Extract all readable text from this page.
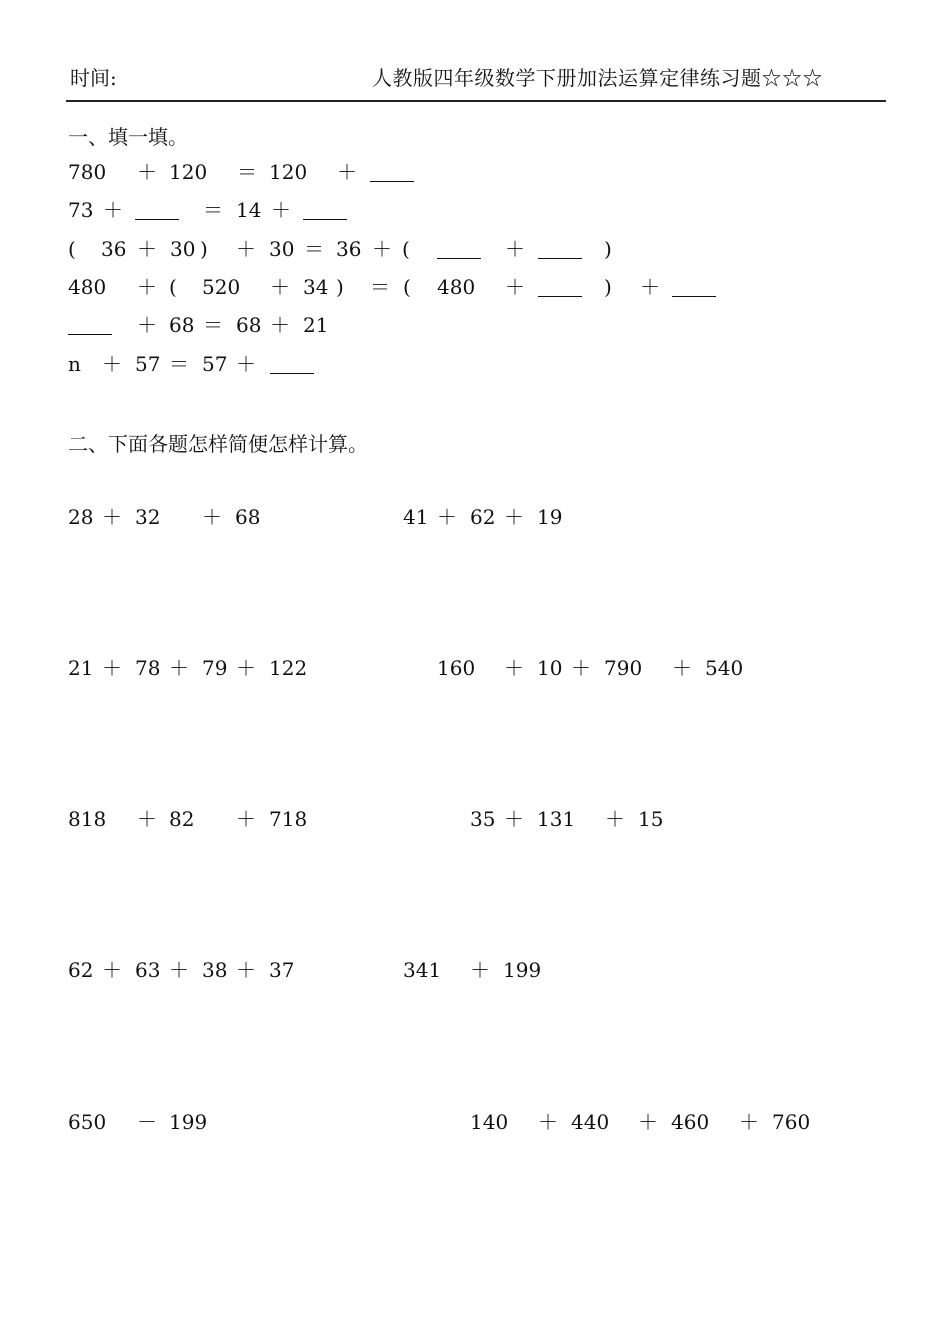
时间:	人教版四年级数学下册加法运算定律练习题☆☆☆
一、填一填。
780 ＋ 120 ＝ 120 ＋
73 ＋	＝ 14 ＋
( 36 ＋ 30 ) ＋ 30 ＝ 36 ＋ (	＋	)
480 ＋ ( 520 ＋ 34 ) ＝ ( 480 ＋	) ＋
＋ 68 ＝ 68 ＋ 21
n ＋ 57 ＝ 57 ＋
二、下面各题怎样简便怎样计算。
28 ＋ 32 ＋ 68	41 ＋ 62 ＋ 19
21 ＋ 78 ＋ 79 ＋ 122	160 ＋ 10 ＋ 790 ＋ 540
818 ＋ 82 ＋ 718	35 ＋ 131 ＋ 15
62 ＋ 63 ＋ 38 ＋ 37	341 ＋ 199
650 － 199	140 ＋ 440 ＋ 460 ＋ 760
